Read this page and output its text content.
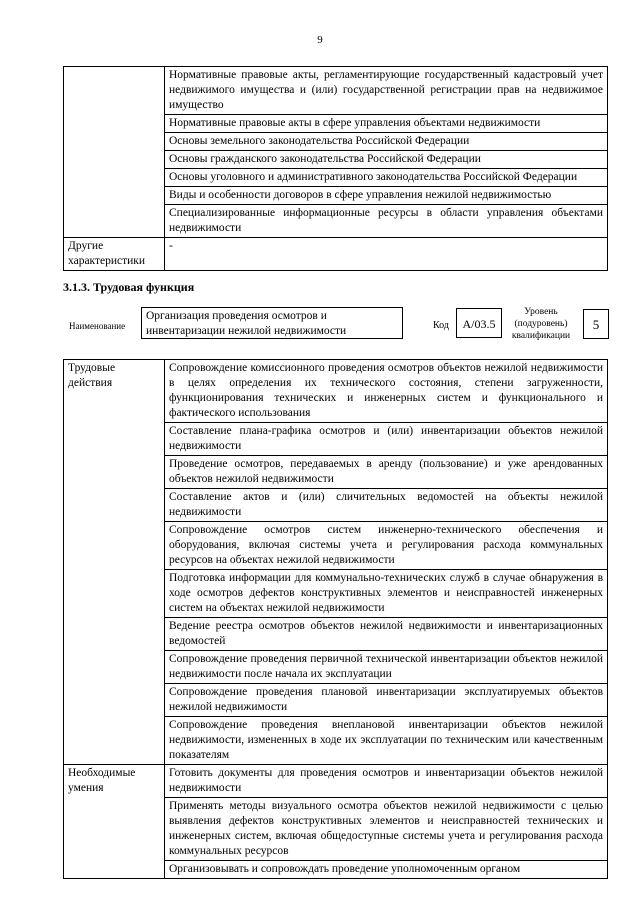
9
	Нормативные правовые акты, регламентирующие государственный кадастровый учет недвижимого имущества и (или) государственной регистрации прав на недвижимое имущество
	Нормативные правовые акты в сфере управления объектами недвижимости
	Основы земельного законодательства Российской Федерации
	Основы гражданского законодательства Российской Федерации
	Основы уголовного и административного законодательства Российской Федерации
	Виды и особенности договоров в сфере управления нежилой недвижимостью
	Специализированные информационные ресурсы в области управления объектами недвижимости
Другие характеристики	-
3.1.3. Трудовая функция
Наименование
Организация проведения осмотров и инвентаризации нежилой недвижимости	Код	А/03.5
Уровень (подуровень) квалификации
5
Трудовые действия	Сопровождение комиссионного проведения осмотров объектов нежилой недвижимости в целях определения их технического состояния, степени загруженности, функционирования технических и инженерных систем и функционального и фактического использования
	Составление плана-графика осмотров и (или) инвентаризации объектов нежилой недвижимости
	Проведение осмотров, передаваемых в аренду (пользование) и уже арендованных объектов нежилой недвижимости
	Составление актов и (или) сличительных ведомостей на объекты нежилой недвижимости
	Сопровождение осмотров систем инженерно-технического обеспечения и оборудования, включая системы учета и регулирования расхода коммунальных ресурсов на объектах нежилой недвижимости
	Подготовка информации для коммунально-технических служб в случае обнаружения в ходе осмотров дефектов конструктивных элементов и неисправностей инженерных систем на объектах нежилой недвижимости
	Ведение реестра осмотров объектов нежилой недвижимости и инвентаризационных ведомостей
	Сопровождение проведения первичной технической инвентаризации объектов нежилой недвижимости после начала их эксплуатации
	Сопровождение проведения плановой инвентаризации эксплуатируемых объектов нежилой недвижимости
	Сопровождение проведения внеплановой инвентаризации объектов нежилой недвижимости, измененных в ходе их эксплуатации по техническим или качественным показателям
Необходимые умения	Готовить документы для проведения осмотров и инвентаризации объектов нежилой недвижимости
	Применять методы визуального осмотра объектов нежилой недвижимости с целью выявления дефектов конструктивных элементов и неисправностей технических и инженерных систем, включая общедоступные системы учета и регулирования расхода коммунальных ресурсов
	Организовывать и сопровождать проведение уполномоченным органом
